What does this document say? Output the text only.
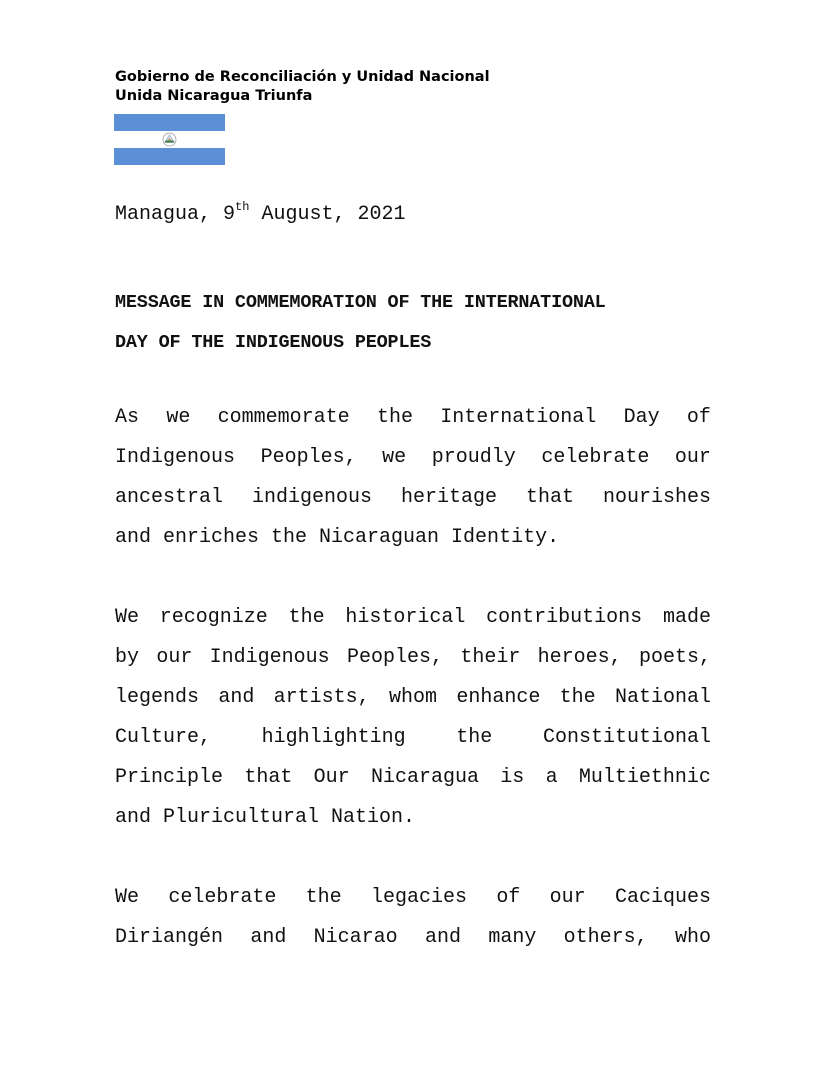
Gobierno de Reconciliación y Unidad Nacional
Unida Nicaragua Triunfa
Managua, 9th August, 2021
MESSAGE IN COMMEMORATION OF THE INTERNATIONAL
DAY OF THE INDIGENOUS PEOPLES
As we commemorate the International Day of
Indigenous Peoples, we proudly celebrate our
ancestral indigenous heritage that nourishes
and enriches the Nicaraguan Identity.
We recognize the historical contributions made
by our Indigenous Peoples, their heroes, poets,
legends and artists, whom enhance the National
Culture,	highlighting	the	Constitutional
Principle that Our Nicaragua is a Multiethnic
and Pluricultural Nation.
We celebrate the legacies of our Caciques
Diriangén and Nicarao and many others, who
